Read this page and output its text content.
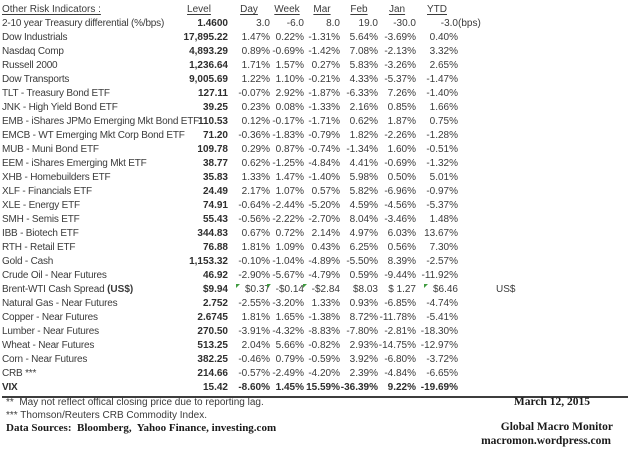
Other Risk Indicators :	Level	Day	Week	Mar	Feb	Jan	YTD	
2-10 year Treasury differential (%/bps)	1.4600	3.0	-6.0	8.0	19.0	-30.0	-3.0	(bps)
Dow Industrials	17,895.22	1.47%	0.22%	-1.31%	5.64%	-3.69%	0.40%	
Nasdaq Comp	4,893.29	0.89%	-0.69%	-1.42%	7.08%	-2.13%	3.32%	
Russell 2000	1,236.64	1.71%	1.57%	0.27%	5.83%	-3.26%	2.65%	
Dow Transports	9,005.69	1.22%	1.10%	-0.21%	4.33%	-5.37%	-1.47%	
TLT - Treasury Bond ETF	127.11	-0.07%	2.92%	-1.87%	-6.33%	7.26%	-1.40%	
JNK - High Yield Bond ETF	39.25	0.23%	0.08%	-1.33%	2.16%	0.85%	1.66%	
EMB - iShares JPMo Emerging Mkt Bond ETF	110.53	0.12%	-0.17%	-1.71%	0.62%	1.87%	0.75%	
EMCB - WT Emerging Mkt Corp Bond ETF	71.20	-0.36%	-1.83%	-0.79%	1.82%	-2.26%	-1.28%	
MUB - Muni Bond ETF	109.78	0.29%	0.87%	-0.74%	-1.34%	1.60%	-0.51%	
EEM - iShares Emerging Mkt ETF	38.77	0.62%	-1.25%	-4.84%	4.41%	-0.69%	-1.32%	
XHB - Homebuilders ETF	35.83	1.33%	1.47%	-1.40%	5.98%	0.50%	5.01%	
XLF - Financials ETF	24.49	2.17%	1.07%	0.57%	5.82%	-6.96%	-0.97%	
XLE - Energy ETF	74.91	-0.64%	-2.44%	-5.20%	4.59%	-4.56%	-5.37%	
SMH - Semis ETF	55.43	-0.56%	-2.22%	-2.70%	8.04%	-3.46%	1.48%	
IBB - Biotech ETF	344.83	0.67%	0.72%	2.14%	4.97%	6.03%	13.67%	
RTH - Retail ETF	76.88	1.81%	1.09%	0.43%	6.25%	0.56%	7.30%	
Gold - Cash	1,153.32	-0.10%	-1.04%	-4.89%	-5.50%	8.39%	-2.57%	
Crude Oil - Near Futures	46.92	-2.90%	-5.67%	-4.79%	0.59%	-9.44%	-11.92%	
Brent-WTI Cash Spread (US$)	$9.94	$0.37	-$0.14	-$2.84	$8.03	$ 1.27	$6.46	US$
Natural Gas - Near Futures	2.752	-2.55%	-3.20%	1.33%	0.93%	-6.85%	-4.74%	
Copper - Near Futures	2.6745	1.81%	1.65%	-1.38%	8.72%	-11.78%	-5.41%	
Lumber - Near Futures	270.50	-3.91%	-4.32%	-8.83%	-7.80%	-2.81%	-18.30%	
Wheat - Near Futures	513.25	2.04%	5.66%	-0.82%	2.93%	-14.75%	-12.97%	
Corn - Near Futures	382.25	-0.46%	0.79%	-0.59%	3.92%	-6.80%	-3.72%	
CRB ***	214.66	-0.57%	-2.49%	-4.20%	2.39%	-4.84%	-6.65%	
VIX	15.42	-8.60%	1.45%	15.59%	-36.39%	9.22%	-19.69%	
**  May not reflect offical closing price due to reporting lag.
*** Thomson/Reuters CRB Commodity Index.
Data Sources:  Bloomberg,  Yahoo Finance, investing.com
March 12, 2015
Global Macro Monitor
macromon.wordpress.com
